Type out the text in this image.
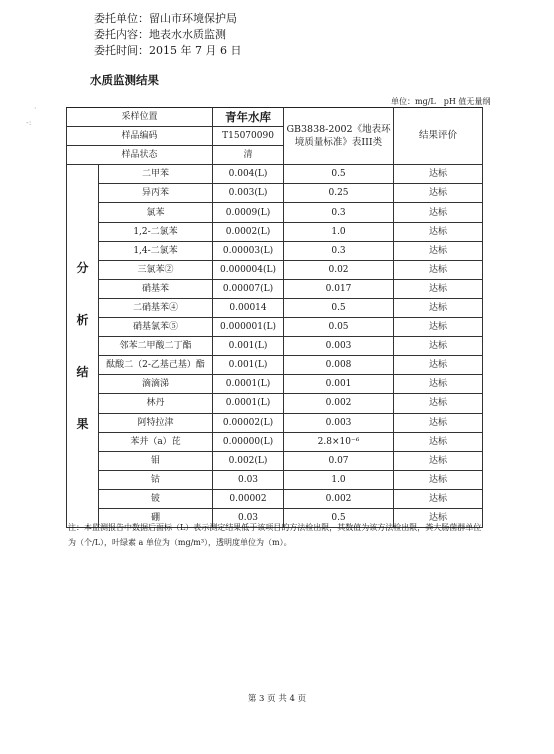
·
-:
委托单位：留山市环境保护局
委托内容：地表水水质监测
委托时间：2015 年 7 月 6 日
水质监测结果
单位：mg/L　pH 值无量纲
采样位置		青年水库	GB3838-2002《地表环境质量标准》表III类	结果评价
样品编码		T15070090		
样品状态		清		

分
析
结
果	二甲苯	0.004(L)	0.5	达标
	异丙苯	0.003(L)	0.25	达标
	氯苯	0.0009(L)	0.3	达标
	1,2-二氯苯	0.0002(L)	1.0	达标
	1,4-二氯苯	0.00003(L)	0.3	达标
	三氯苯②	0.000004(L)	0.02	达标
	硝基苯	0.00007(L)	0.017	达标
	二硝基苯④	0.00014	0.5	达标
	硝基氯苯⑤	0.000001(L)	0.05	达标
	邻苯二甲酸二丁酯	0.001(L)	0.003	达标
	酞酸二（2-乙基己基）酯	0.001(L)	0.008	达标
	滴滴涕	0.0001(L)	0.001	达标
	林丹	0.0001(L)	0.002	达标
	阿特拉津	0.00002(L)	0.003	达标
	苯并（a）芘	0.00000(L)	2.8×10⁻⁶	达标
	钼	0.002(L)	0.07	达标
	钴	0.03	1.0	达标
	铍	0.00002	0.002	达标
	硼	0.03	0.5	达标
注：本监测报告中数据后面标（L）表示测定结果低于该项目的方法检出限，其数值为该方法检出限，粪大肠菌群单位为（个/L），叶绿素 a 单位为（mg/m³），透明度单位为（m）。
第 3 页 共 4 页
